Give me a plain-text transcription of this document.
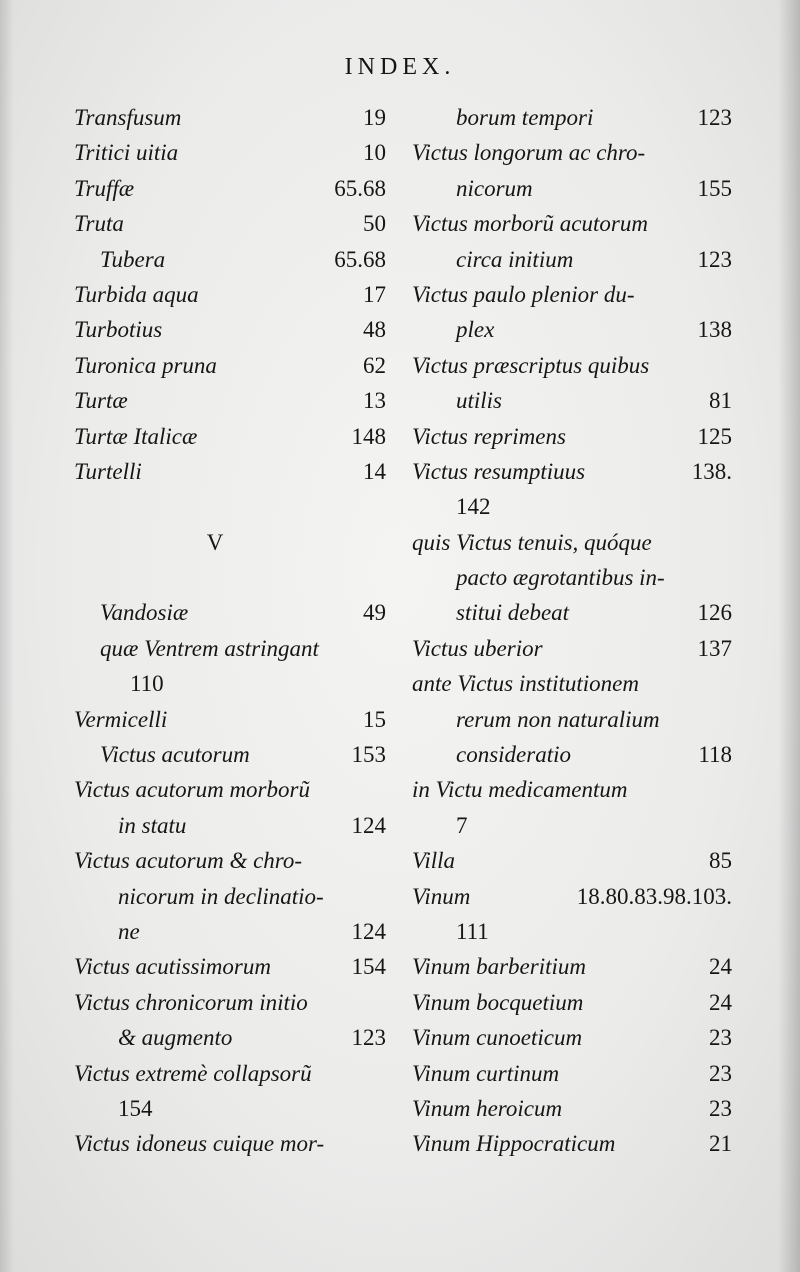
INDEX.
Transfusum	19
Tritici uitia	10
Truffæ	65.68
Truta	50
Tubera	65.68
Turbida aqua	17
Turbotius	48
Turonica pruna	62
Turtæ	13
Turtæ Italicæ	148
Turtelli	14
V
Vandosiæ	49
quæ Ventrem astringant
110
Vermicelli	15
Victus acutorum	153
Victus acutorum morborũ
in statu	124
Victus acutorum & chro-
nicorum in declinatio-
ne	124
Victus acutissimorum	154
Victus chronicorum initio
& augmento	123
Victus extremè collapsorũ
154
Victus idoneus cuique mor-
borum tempori	123
Victus longorum ac chro-
nicorum	155
Victus morborũ acutorum
circa initium	123
Victus paulo plenior du-
plex	138
Victus præscriptus quibus
utilis	81
Victus reprimens	125
Victus resumptiuus	138.
142
quis Victus tenuis, quóque
pacto ægrotantibus in-
stitui debeat	126
Victus uberior	137
ante Victus institutionem
rerum non naturalium
consideratio	118
in Victu medicamentum
7
Villa	85
Vinum	18.80.83.98.103.
111
Vinum barberitium	24
Vinum bocquetium	24
Vinum cunoeticum	23
Vinum curtinum	23
Vinum heroicum	23
Vinum Hippocraticum	21
